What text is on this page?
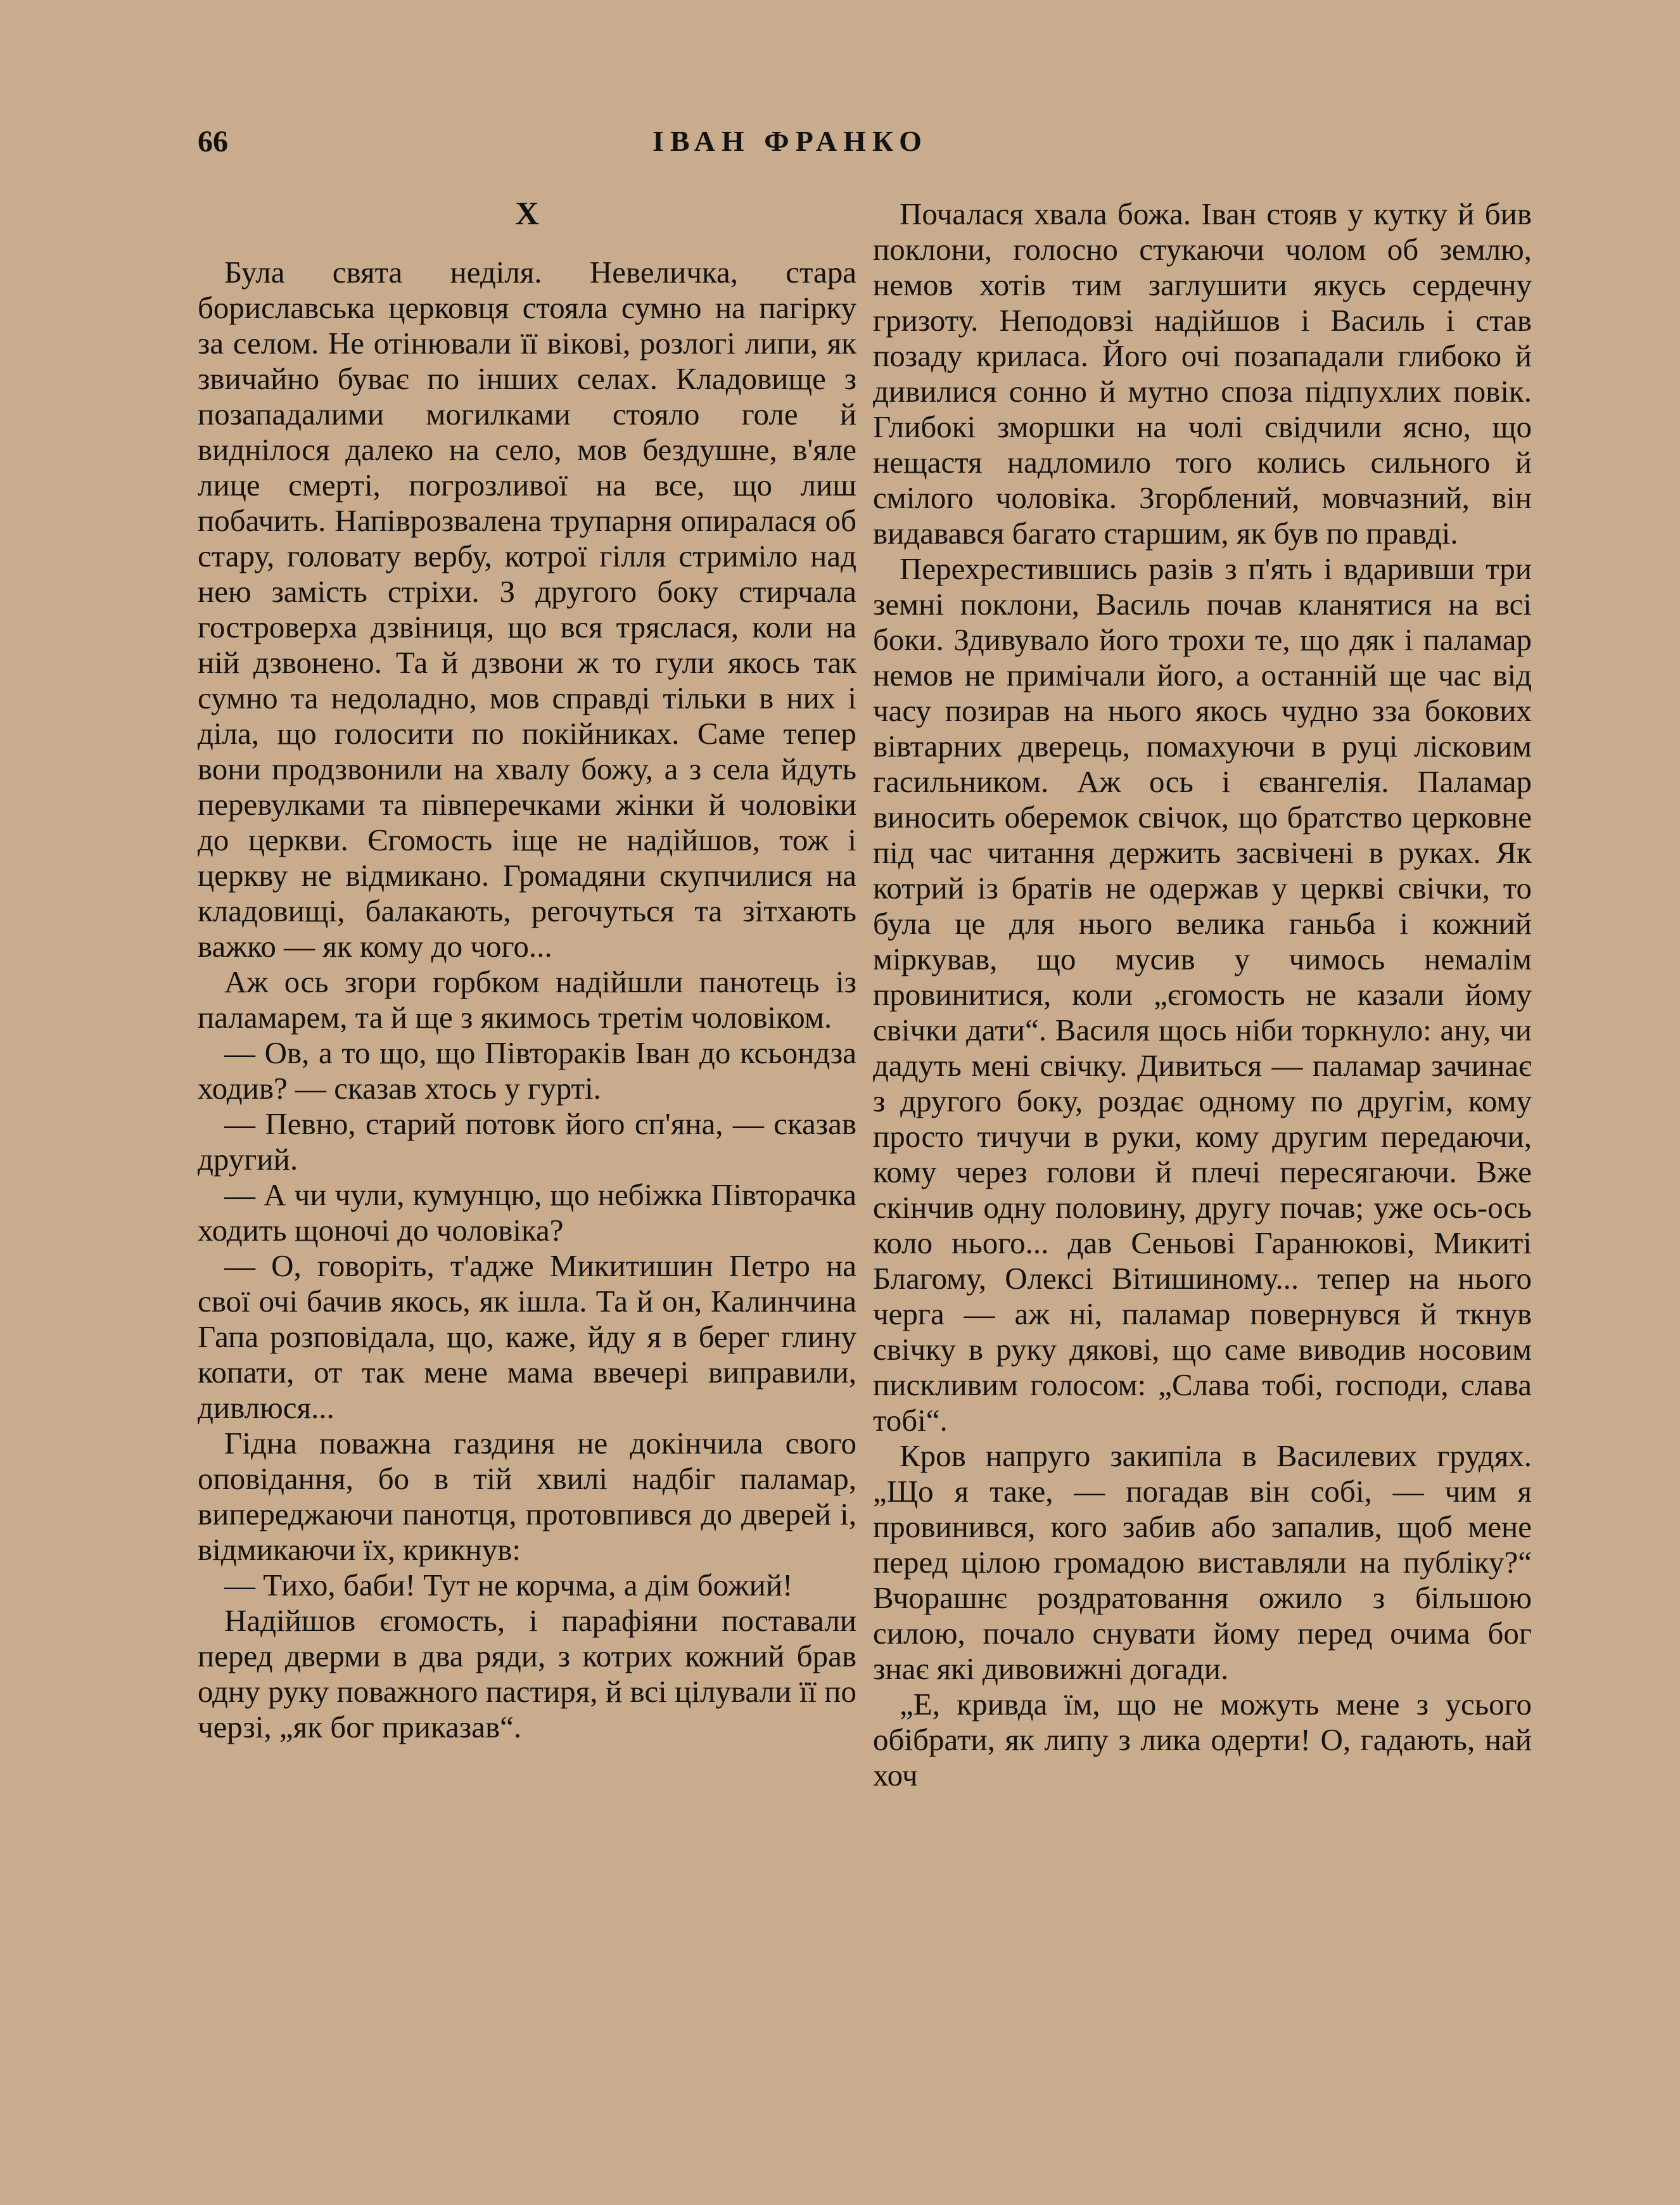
66	ІВАН ФРАНКО
X

Була свята неділя. Невеличка, стара бориславська церковця стояла сумно на пагірку за селом. Не отінювали її вікові, розлогі липи, як звичайно буває по інших селах. Кладовище з позападалими могилками стояло голе й виднілося далеко на село, мов бездушне, в'яле лице смерті, погрозливої на все, що лиш побачить. Напіврозвалена трупарня опиралася об стару, головату вербу, котрої гілля стриміло над нею замість стріхи. З другого боку стирчала гостроверха дзвіниця, що вся тряслася, коли на ній дзвонено. Та й дзвони ж то гули якось так сумно та недоладно, мов справді тільки в них і діла, що голосити по покійниках. Саме тепер вони продзвонили на хвалу божу, а з села йдуть перевулками та півперечками жінки й чоловіки до церкви. Єгомость іще не надійшов, тож і церкву не відмикано. Громадяни скупчилися на кладовищі, балакають, регочуться та зітхають важко — як кому до чого...

Аж ось згори горбком надійшли панотець із паламарем, та й ще з якимось третім чоловіком.

— Ов, а то що, що Півтораків Іван до ксьондза ходив? — сказав хтось у гурті.

— Певно, старий потовк його сп'яна, — сказав другий.

— А чи чули, кумунцю, що небіжка Півторачка ходить щоночі до чоловіка?

— О, говоріть, т'адже Микитишин Петро на свої очі бачив якось, як ішла. Та й он, Калинчина Гапа розповідала, що, каже, йду я в берег глину копати, от так мене мама ввечері виправили, дивлюся...

Гідна поважна газдиня не докінчила свого оповідання, бо в тій хвилі надбіг паламар, випереджаючи панотця, протовпився до дверей і, відмикаючи їх, крикнув:

— Тихо, баби! Тут не корчма, а дім божий!

Надійшов єгомость, і парафіяни поставали перед дверми в два ряди, з котрих кожний брав одну руку поважного пастиря, й всі цілували її по черзі, „як бог приказав“.

Почалася хвала божа. Іван стояв у кутку й бив поклони, голосно стукаючи чолом об землю, немов хотів тим заглушити якусь сердечну гризоту. Неподовзі надійшов і Василь і став позаду криласа. Його очі позападали глибоко й дивилися сонно й мутно споза підпухлих повік. Глибокі зморшки на чолі свідчили ясно, що нещастя надломило того колись сильного й смілого чоловіка. Згорблений, мовчазний, він видавався багато старшим, як був по правді.

Перехрестившись разів з п'ять і вдаривши три земні поклони, Василь почав кланятися на всі боки. Здивувало його трохи те, що дяк і паламар немов не примічали його, а останній ще час від часу позирав на нього якось чудно зза бокових вівтарних дверець, помахуючи в руці лісковим гасильником. Аж ось і євангелія. Паламар виносить оберемок свічок, що братство церковне під час читання держить засвічені в руках. Як котрий із братів не одержав у церкві свічки, то була це для нього велика ганьба і кожний міркував, що мусив у чимось немалім провинитися, коли „єгомость не казали йому свічки дати“. Василя щось ніби торкнуло: ану, чи дадуть мені свічку. Дивиться — паламар зачинає з другого боку, роздає одному по другім, кому просто тичучи в руки, кому другим передаючи, кому через голови й плечі пересягаючи. Вже скінчив одну половину, другу почав; уже ось-ось коло нього... дав Сеньові Гаранюкові, Микиті Благому, Олексі Вітишиному... тепер на нього черга — аж ні, паламар повернувся й ткнув свічку в руку дякові, що саме виводив носовим пискливим голосом: „Слава тобі, господи, слава тобі“.

Кров напруго закипіла в Василевих грудях. „Що я таке, — погадав він собі, — чим я провинився, кого забив або запалив, щоб мене перед цілою громадою виставляли на публіку?“ Вчорашнє роздратовання ожило з більшою силою, почало снувати йому перед очима бог знає які дивовижні догади.

„Е, кривда їм, що не можуть мене з усього обібрати, як липу з лика одерти! О, гадають, най хоч
